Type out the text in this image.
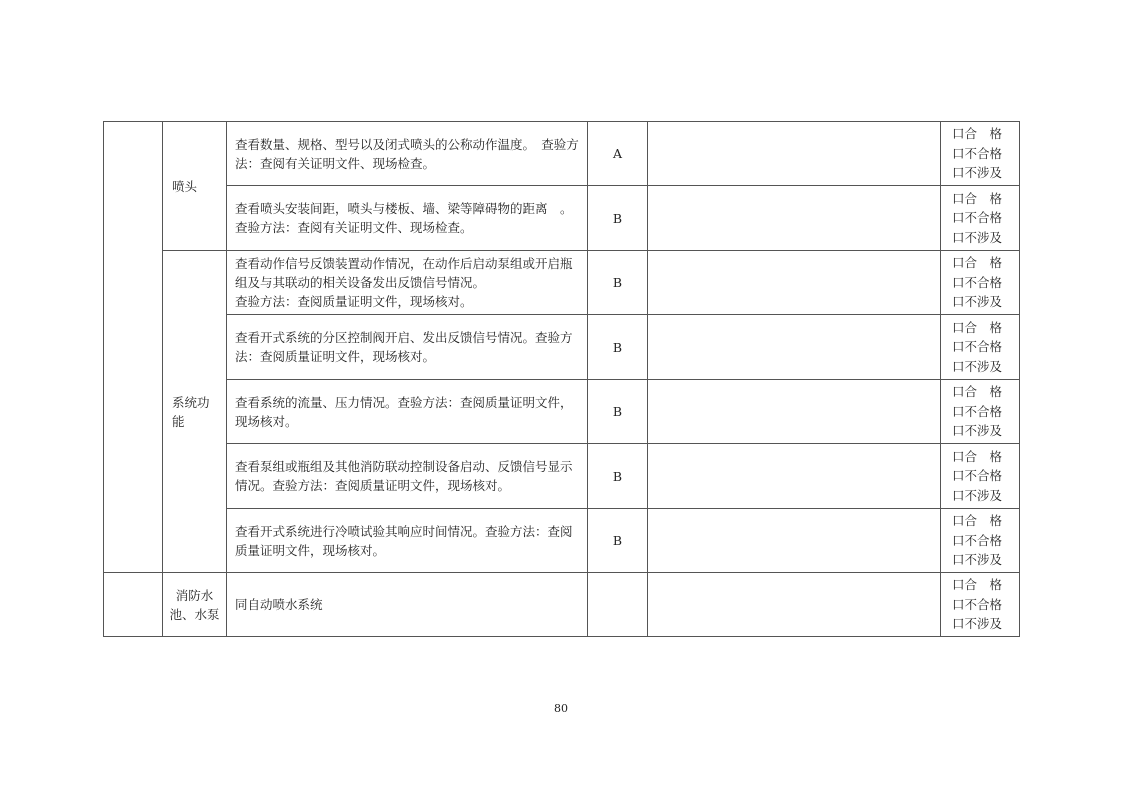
	喷头	查看数量、规格、型号以及闭式喷头的公称动作温度。　查验方法：查阅有关证明文件、现场检查。	A		口合　格
口不合格
口不涉及

		查看喷头安装间距，喷头与楼板、墙、梁等障碍物的距离　。　查验方法：查阅有关证明文件、现场检查。	B		口合　格
口不合格
口不涉及

	系统功能	查看动作信号反馈装置动作情况，在动作后启动泵组或开启瓶组及与其联动的相关设备发出反馈信号情况。
查验方法：查阅质量证明文件，现场核对。	B		口合　格
口不合格
口不涉及

		查看开式系统的分区控制阀开启、发出反馈信号情况。查验方法：查阅质量证明文件，现场核对。	B		口合　格
口不合格
口不涉及

		查看系统的流量、压力情况。查验方法：查阅质量证明文件，现场核对。	B		口合　格
口不合格
口不涉及

		查看泵组或瓶组及其他消防联动控制设备启动、反馈信号显示情况。查验方法：查阅质量证明文件，现场核对。	B		口合　格
口不合格
口不涉及

		查看开式系统进行冷喷试验其响应时间情况。查验方法：查阅质量证明文件，现场核对。	B		口合　格
口不合格
口不涉及

	消防水池、水泵	同自动喷水系统			口合　格
口不合格
口不涉及
80
